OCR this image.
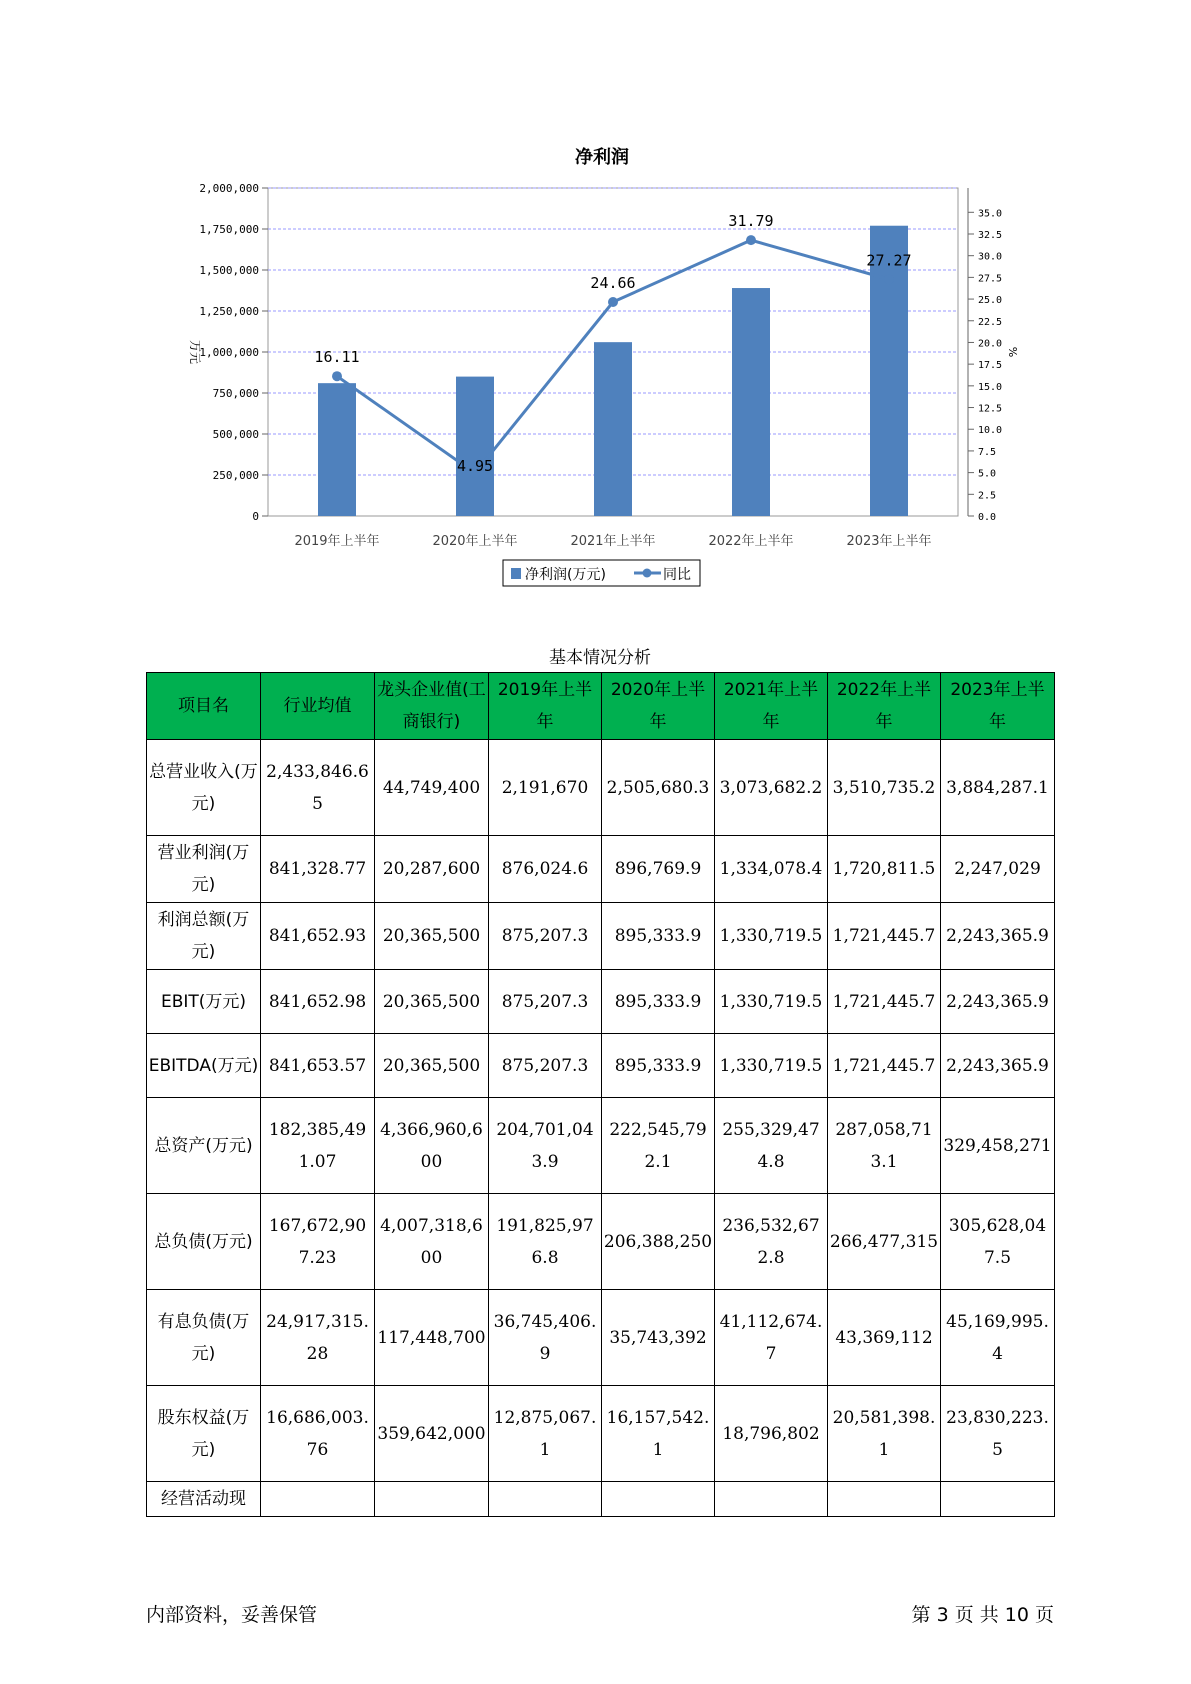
净利润
0
250,000
500,000
750,000
1,000,000
1,250,000
1,500,000
1,750,000
2,000,000
0.0
2.5
5.0
7.5
10.0
12.5
15.0
17.5
20.0
22.5
25.0
27.5
30.0
32.5
35.0
2019年上半年	2020年上半年	2021年上半年	2022年上半年	2023年上半年
16.11
4.95
24.66
31.79
27.27
万元	%
净利润(万元)	同比
基本情况分析
项目名	行业均值	龙头企业值(工商银行)	2019年上半年	2020年上半年	2021年上半年	2022年上半年	2023年上半年
总营业收入(万元)	2,433,846.65	44,749,400	2,191,670	2,505,680.3	3,073,682.2	3,510,735.2	3,884,287.1
营业利润(万元)	841,328.77	20,287,600	876,024.6	896,769.9	1,334,078.4	1,720,811.5	2,247,029
利润总额(万元)	841,652.93	20,365,500	875,207.3	895,333.9	1,330,719.5	1,721,445.7	2,243,365.9
EBIT(万元)	841,652.98	20,365,500	875,207.3	895,333.9	1,330,719.5	1,721,445.7	2,243,365.9
EBITDA(万元)	841,653.57	20,365,500	875,207.3	895,333.9	1,330,719.5	1,721,445.7	2,243,365.9
总资产(万元)	182,385,491.07	4,366,960,600	204,701,043.9	222,545,792.1	255,329,474.8	287,058,713.1	329,458,271
总负债(万元)	167,672,907.23	4,007,318,600	191,825,976.8	206,388,250	236,532,672.8	266,477,315	305,628,047.5
有息负债(万元)	24,917,315.28	117,448,700	36,745,406.9	35,743,392	41,112,674.7	43,369,112	45,169,995.4
股东权益(万元)	16,686,003.76	359,642,000	12,875,067.1	16,157,542.1	18,796,802	20,581,398.1	23,830,223.5
经营活动现							
内部资料，妥善保管	第 3 页 共 10 页
